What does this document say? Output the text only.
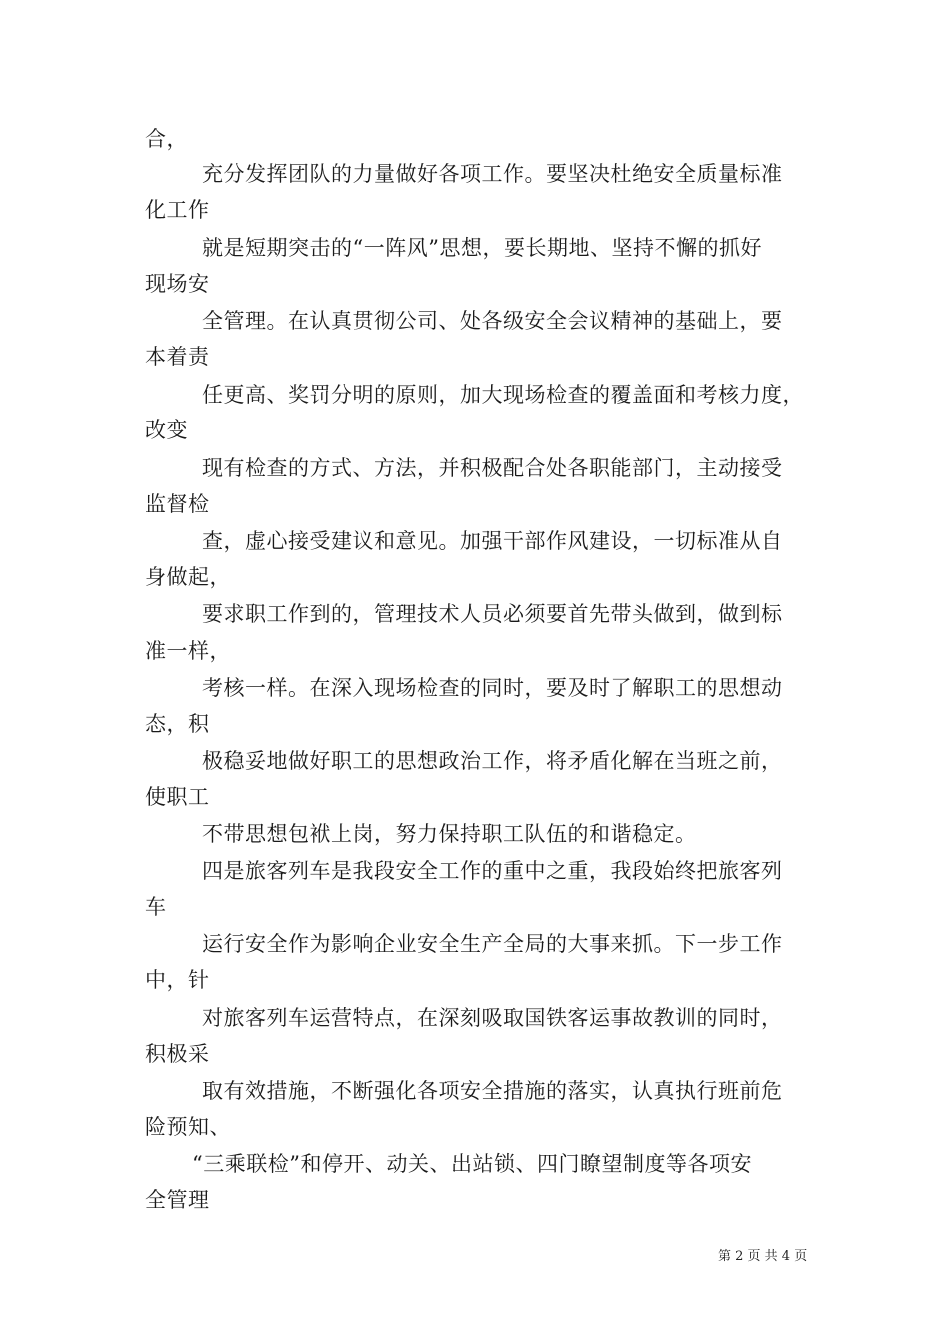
合，
充分发挥团队的力量做好各项工作。要坚决杜绝安全质量标准
化工作
就是短期突击的“一阵风”思想，要长期地、坚持不懈的抓好
现场安
全管理。在认真贯彻公司、处各级安全会议精神的基础上，要
本着责
任更高、奖罚分明的原则，加大现场检查的覆盖面和考核力度，
改变
现有检查的方式、方法，并积极配合处各职能部门，主动接受
监督检
查，虚心接受建议和意见。加强干部作风建设，一切标准从自
身做起，
要求职工作到的，管理技术人员必须要首先带头做到，做到标
准一样，
考核一样。在深入现场检查的同时，要及时了解职工的思想动
态，积
极稳妥地做好职工的思想政治工作，将矛盾化解在当班之前，
使职工
不带思想包袱上岗，努力保持职工队伍的和谐稳定。
四是旅客列车是我段安全工作的重中之重，我段始终把旅客列
车
运行安全作为影响企业安全生产全局的大事来抓。下一步工作
中，针
对旅客列车运营特点，在深刻吸取国铁客运事故教训的同时，
积极采
取有效措施，不断强化各项安全措施的落实，认真执行班前危
险预知、
“三乘联检”和停开、动关、出站锁、四门瞭望制度等各项安
全管理
第 2 页 共 4 页
